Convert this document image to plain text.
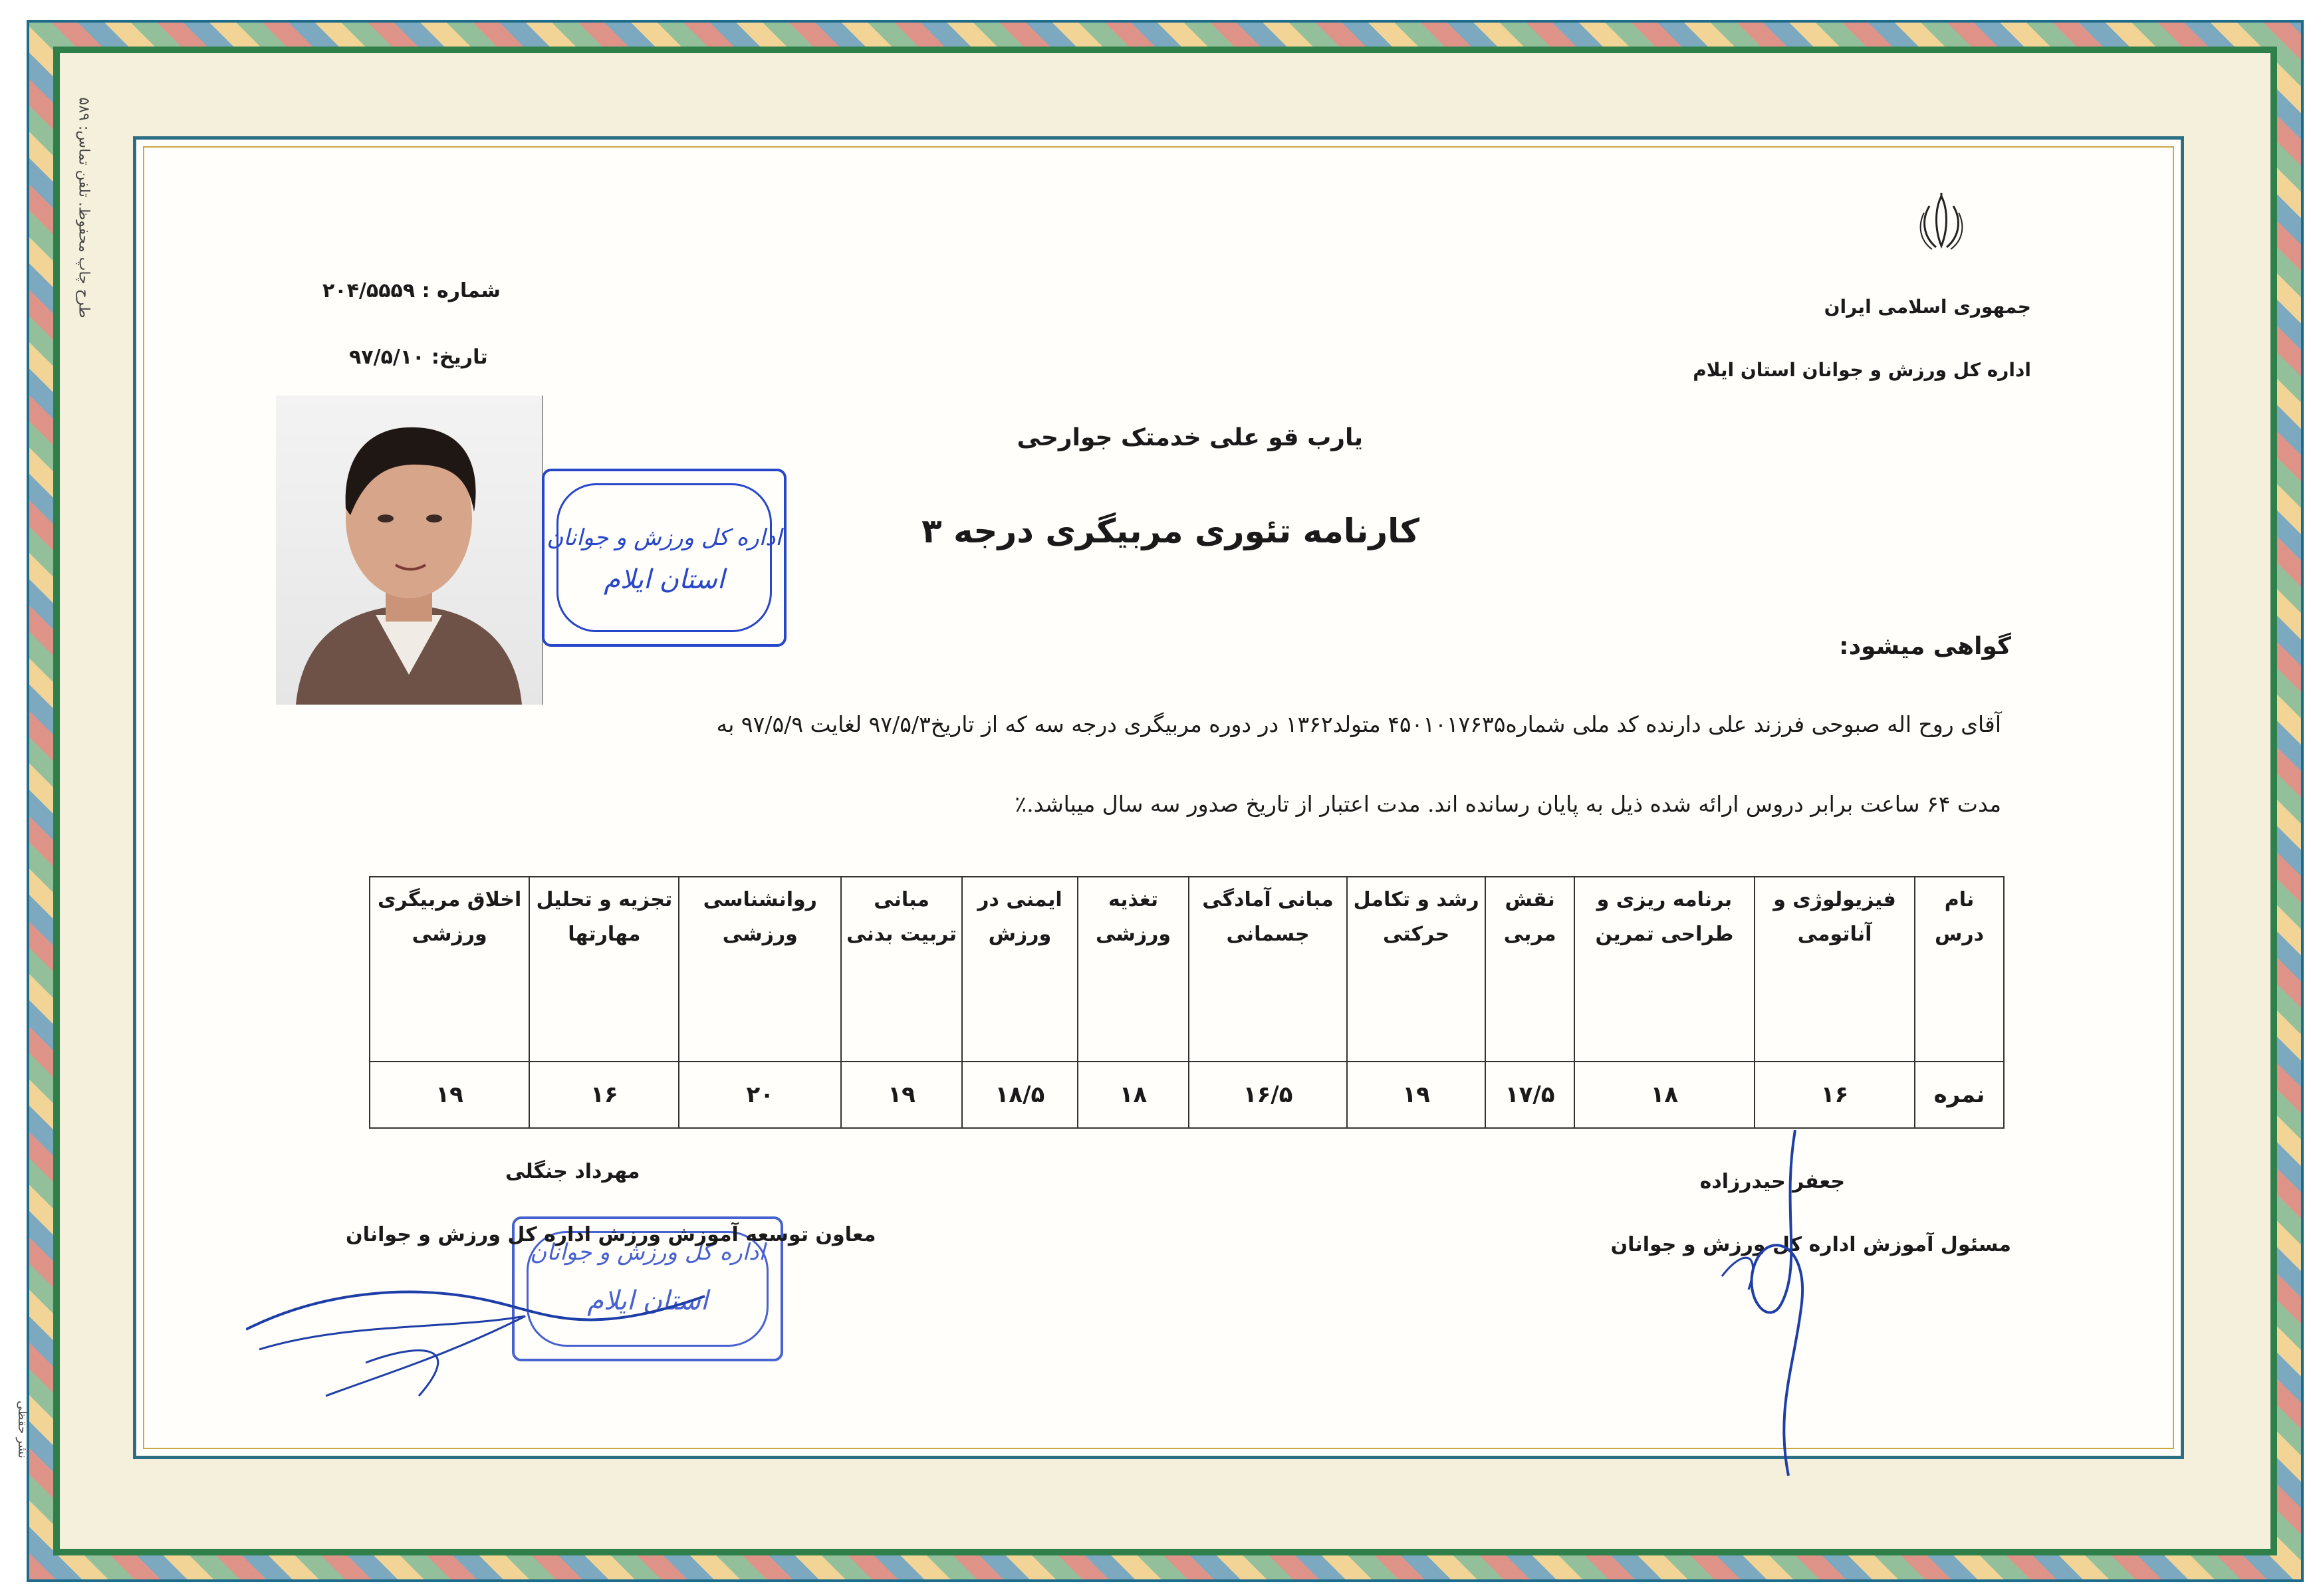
طرح چاپ محفوظ. تلفن تماس: ۵۸۹
نشر حقظی
جمهوری اسلامی ایران
اداره کل ورزش و جوانان استان ایلام
شماره : ۲۰۴/۵۵۵۹
تاریخ: ۹۷/۵/۱۰
اداره کل ورزش و جوانان
استان ایلام
اداره کل ورزش و جوانان
استان ایلام
یارب قو علی خدمتک جوارحی
کارنامه تئوری مربیگری درجه ۳
گواهی میشود:
آقای روح اله صبوحی فرزند علی دارنده کد ملی شماره۴۵۰۱۰۱۷۶۳۵ متولد۱۳۶۲ در دوره مربیگری درجه سه که از تاریخ۹۷/۵/۳ لغایت ۹۷/۵/۹ به
مدت ۶۴ ساعت برابر دروس ارائه شده ذیل به پایان رسانده اند. مدت اعتبار از تاریخ صدور سه سال میباشد.٪
نام درس	فیزیولوژی و آناتومی	برنامه ریزی و طراحی تمرین	نقش مربی	رشد و تکامل حرکتی	مبانی آمادگی جسمانی	تغذیه ورزشی	ایمنی در ورزش	مبانی تربیت بدنی	روانشناسی ورزشی	تجزیه و تحلیل مهارتها	اخلاق مربیگری ورزشی
نمره	۱۶	۱۸	۱۷/۵	۱۹	۱۶/۵	۱۸	۱۸/۵	۱۹	۲۰	۱۶	۱۹
جعفر حیدرزاده
مسئول آموزش اداره کل ورزش و جوانان
مهرداد جنگلی
معاون توسعه آموزش ورزش اداره کل ورزش و جوانان
